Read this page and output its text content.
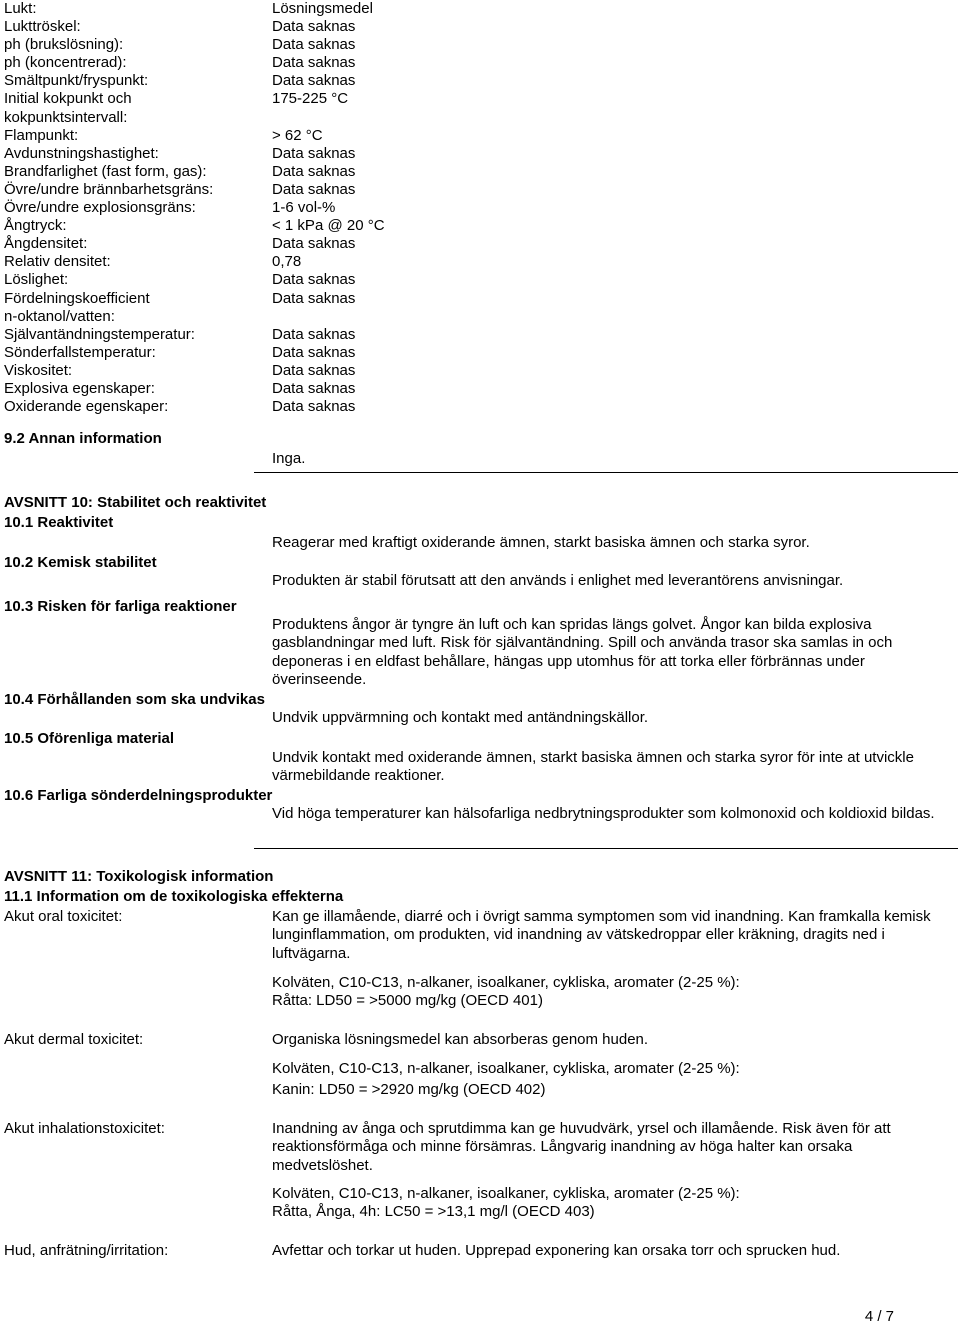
Lukt:	Lösningsmedel
Lukttröskel:	Data saknas
ph (brukslösning):	Data saknas
ph (koncentrerad):	Data saknas
Smältpunkt/fryspunkt:	Data saknas
Initial kokpunkt och	175-225 °C
kokpunktsintervall:
Flampunkt:	> 62 °C
Avdunstningshastighet:	Data saknas
Brandfarlighet (fast form, gas):	Data saknas
Övre/undre brännbarhetsgräns:	Data saknas
Övre/undre explosionsgräns:	1-6 vol-%
Ångtryck:	< 1 kPa @ 20 °C
Ångdensitet:	Data saknas
Relativ densitet:	0,78
Löslighet:	Data saknas
Fördelningskoefficient	Data saknas
n-oktanol/vatten:
Självantändningstemperatur:	Data saknas
Sönderfallstemperatur:	Data saknas
Viskositet:	Data saknas
Explosiva egenskaper:	Data saknas
Oxiderande egenskaper:	Data saknas
9.2 Annan information
Inga.
AVSNITT 10: Stabilitet och reaktivitet
10.1 Reaktivitet
Reagerar med kraftigt oxiderande ämnen, starkt basiska ämnen och starka syror.
10.2 Kemisk stabilitet
Produkten är stabil förutsatt att den används i enlighet med leverantörens anvisningar.
10.3 Risken för farliga reaktioner
Produktens ångor är tyngre än luft och kan spridas längs golvet. Ångor kan bilda explosiva gasblandningar med luft. Risk för självantändning. Spill och använda trasor ska samlas in och deponeras i en eldfast behållare, hängas upp utomhus för att torka eller förbrännas under överinseende.
10.4 Förhållanden som ska undvikas
Undvik uppvärmning och kontakt med antändningskällor.
10.5 Oförenliga material
Undvik kontakt med oxiderande ämnen, starkt basiska ämnen och starka syror för inte at utvickle värmebildande reaktioner.
10.6 Farliga sönderdelningsprodukter
Vid höga temperaturer kan hälsofarliga nedbrytningsprodukter som kolmonoxid och koldioxid bildas.
AVSNITT 11: Toxikologisk information
11.1 Information om de toxikologiska effekterna
Akut oral toxicitet:	Kan ge illamående, diarré och i övrigt samma symptomen som vid inandning. Kan framkalla kemisk lunginflammation, om produkten, vid inandning av vätskedroppar eller kräkning, dragits ned i luftvägarna.
Kolväten, C10-C13, n-alkaner, isoalkaner, cykliska, aromater (2-25 %):
Råtta: LD50 = >5000 mg/kg (OECD 401)
Akut dermal toxicitet:	Organiska lösningsmedel kan absorberas genom huden.
Kolväten, C10-C13, n-alkaner, isoalkaner, cykliska, aromater (2-25 %):
Kanin: LD50 = >2920 mg/kg (OECD 402)
Akut inhalationstoxicitet:	Inandning av ånga och sprutdimma kan ge huvudvärk, yrsel och illamående. Risk även för att reaktionsförmåga och minne försämras. Långvarig inandning av höga halter kan orsaka medvetslöshet.
Kolväten, C10-C13, n-alkaner, isoalkaner, cykliska, aromater (2-25 %):
Råtta, Ånga, 4h: LC50 = >13,1 mg/l (OECD 403)
Hud, anfrätning/irritation:	Avfettar och torkar ut huden. Upprepad exponering kan orsaka torr och sprucken hud.
4 / 7
